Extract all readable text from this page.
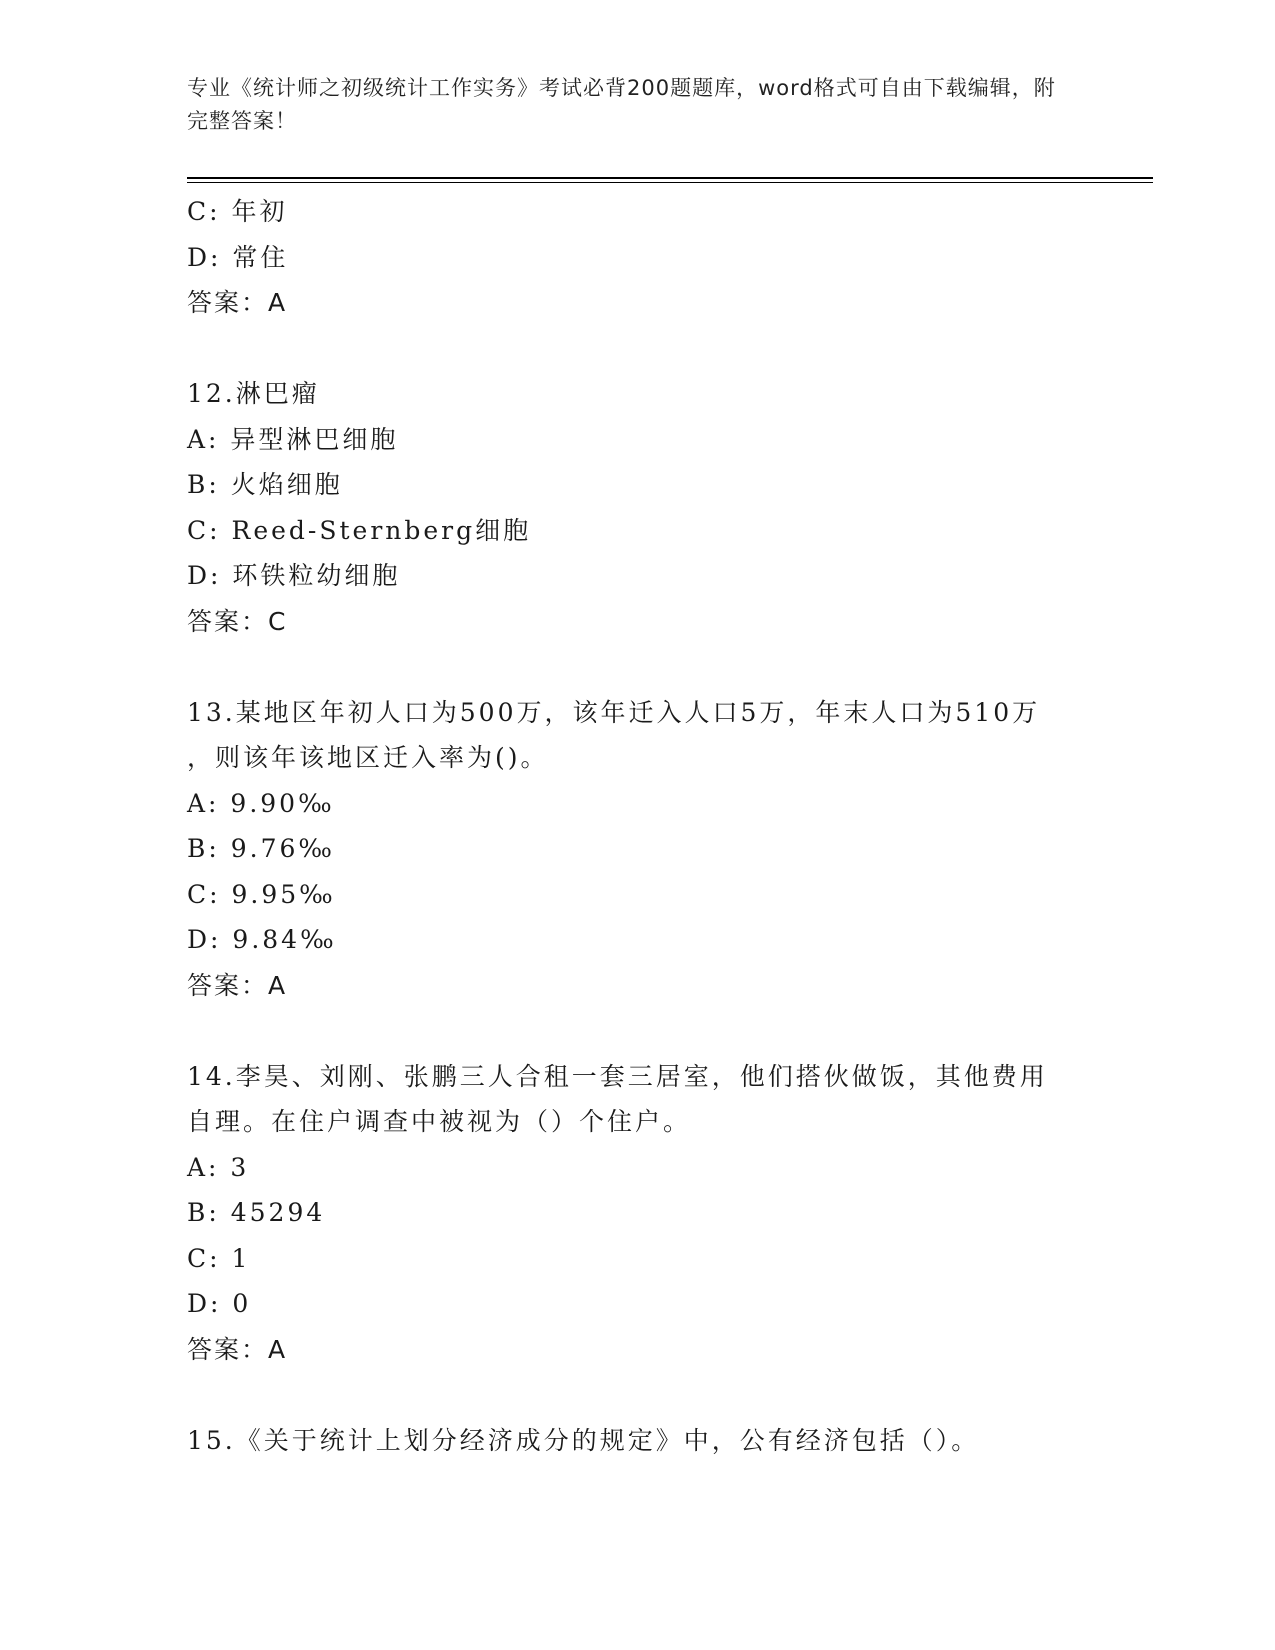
专业《统计师之初级统计工作实务》考试必背200题题库，word格式可自由下载编辑，附完整答案！
C: 年初
D: 常住
答案：A
12.淋巴瘤
A: 异型淋巴细胞
B: 火焰细胞
C: Reed-Sternberg细胞
D: 环铁粒幼细胞
答案：C
13.某地区年初人口为500万，该年迁入人口5万，年末人口为510万
，则该年该地区迁入率为()。
A: 9.90‰
B: 9.76‰
C: 9.95‰
D: 9.84‰
答案：A
14.李昊、刘刚、张鹏三人合租一套三居室，他们搭伙做饭，其他费用
自理。在住户调查中被视为（）个住户。
A: 3
B: 45294
C: 1
D: 0
答案：A
15.《关于统计上划分经济成分的规定》中，公有经济包括（）。
